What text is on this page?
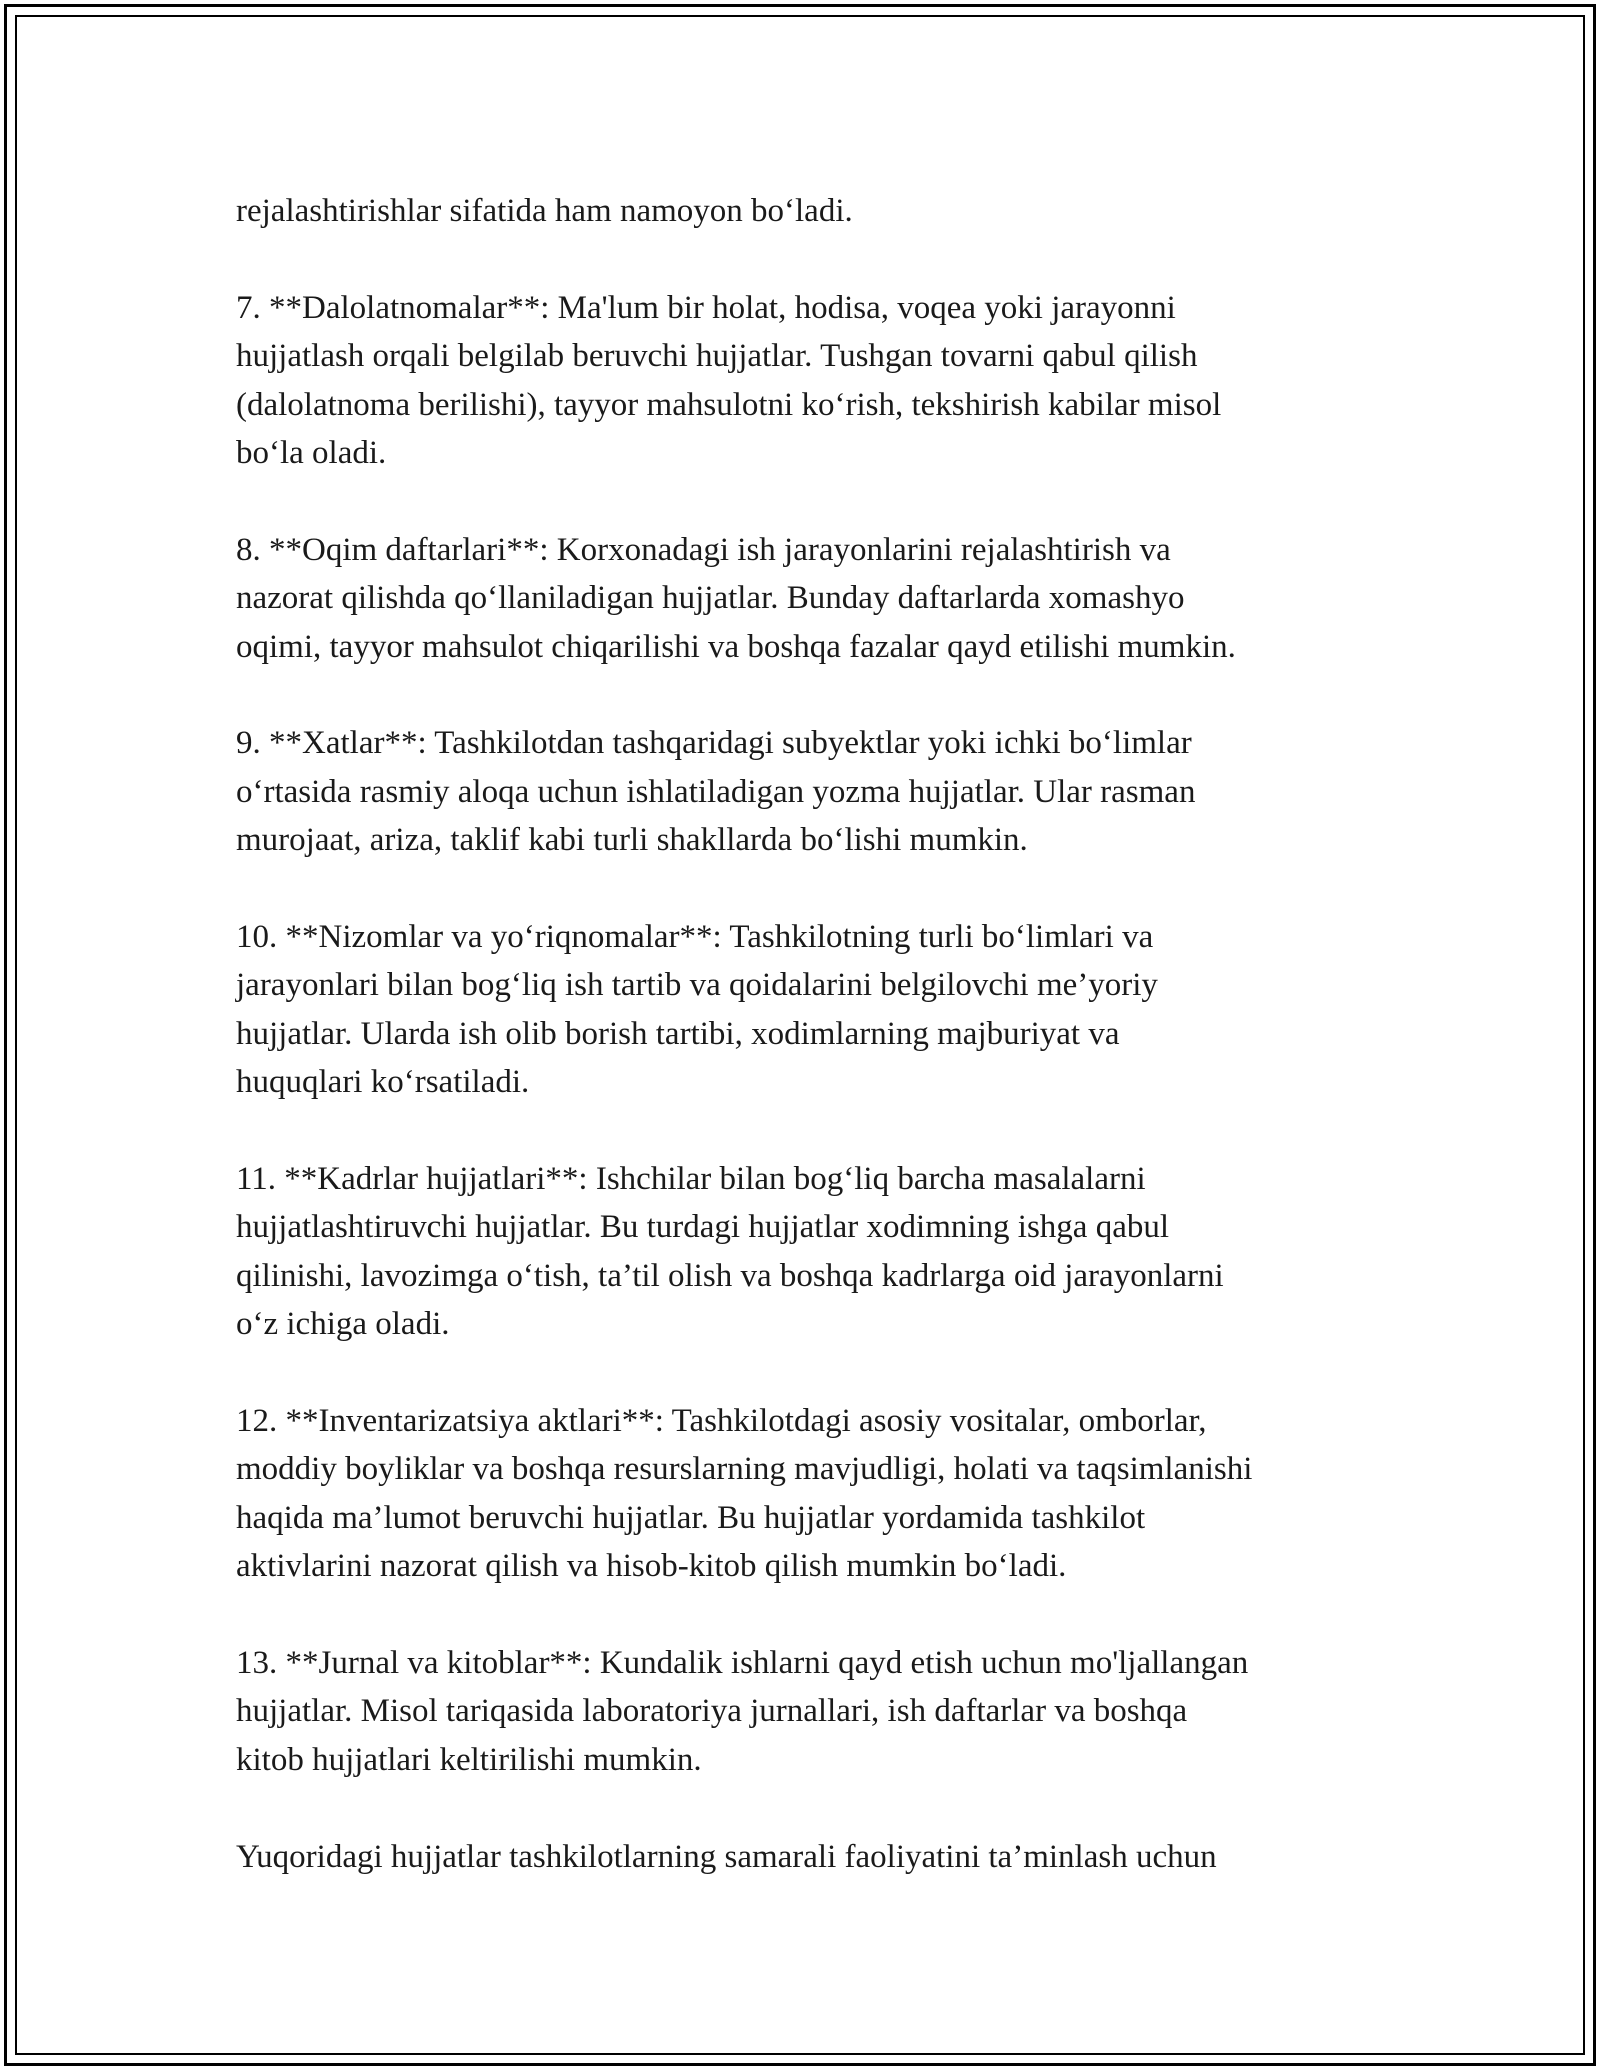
rejalashtirishlar sifatida ham namoyon bo‘ladi.

7. **Dalolatnomalar**: Ma'lum bir holat, hodisa, voqea yoki jarayonni
hujjatlash orqali belgilab beruvchi hujjatlar. Tushgan tovarni qabul qilish
(dalolatnoma berilishi), tayyor mahsulotni ko‘rish, tekshirish kabilar misol
bo‘la oladi.

8. **Oqim daftarlari**: Korxonadagi ish jarayonlarini rejalashtirish va
nazorat qilishda qo‘llaniladigan hujjatlar. Bunday daftarlarda xomashyo
oqimi, tayyor mahsulot chiqarilishi va boshqa fazalar qayd etilishi mumkin.

9. **Xatlar**: Tashkilotdan tashqaridagi subyektlar yoki ichki bo‘limlar
o‘rtasida rasmiy aloqa uchun ishlatiladigan yozma hujjatlar. Ular rasman
murojaat, ariza, taklif kabi turli shakllarda bo‘lishi mumkin.

10. **Nizomlar va yo‘riqnomalar**: Tashkilotning turli bo‘limlari va
jarayonlari bilan bog‘liq ish tartib va qoidalarini belgilovchi me’yoriy
hujjatlar. Ularda ish olib borish tartibi, xodimlarning majburiyat va
huquqlari ko‘rsatiladi.

11. **Kadrlar hujjatlari**: Ishchilar bilan bog‘liq barcha masalalarni
hujjatlashtiruvchi hujjatlar. Bu turdagi hujjatlar xodimning ishga qabul
qilinishi, lavozimga o‘tish, ta’til olish va boshqa kadrlarga oid jarayonlarni
o‘z ichiga oladi.

12. **Inventarizatsiya aktlari**: Tashkilotdagi asosiy vositalar, omborlar,
moddiy boyliklar va boshqa resurslarning mavjudligi, holati va taqsimlanishi
haqida ma’lumot beruvchi hujjatlar. Bu hujjatlar yordamida tashkilot
aktivlarini nazorat qilish va hisob-kitob qilish mumkin bo‘ladi.

13. **Jurnal va kitoblar**: Kundalik ishlarni qayd etish uchun mo'ljallangan
hujjatlar. Misol tariqasida laboratoriya jurnallari, ish daftarlar va boshqa
kitob hujjatlari keltirilishi mumkin.

Yuqoridagi hujjatlar tashkilotlarning samarali faoliyatini ta’minlash uchun
